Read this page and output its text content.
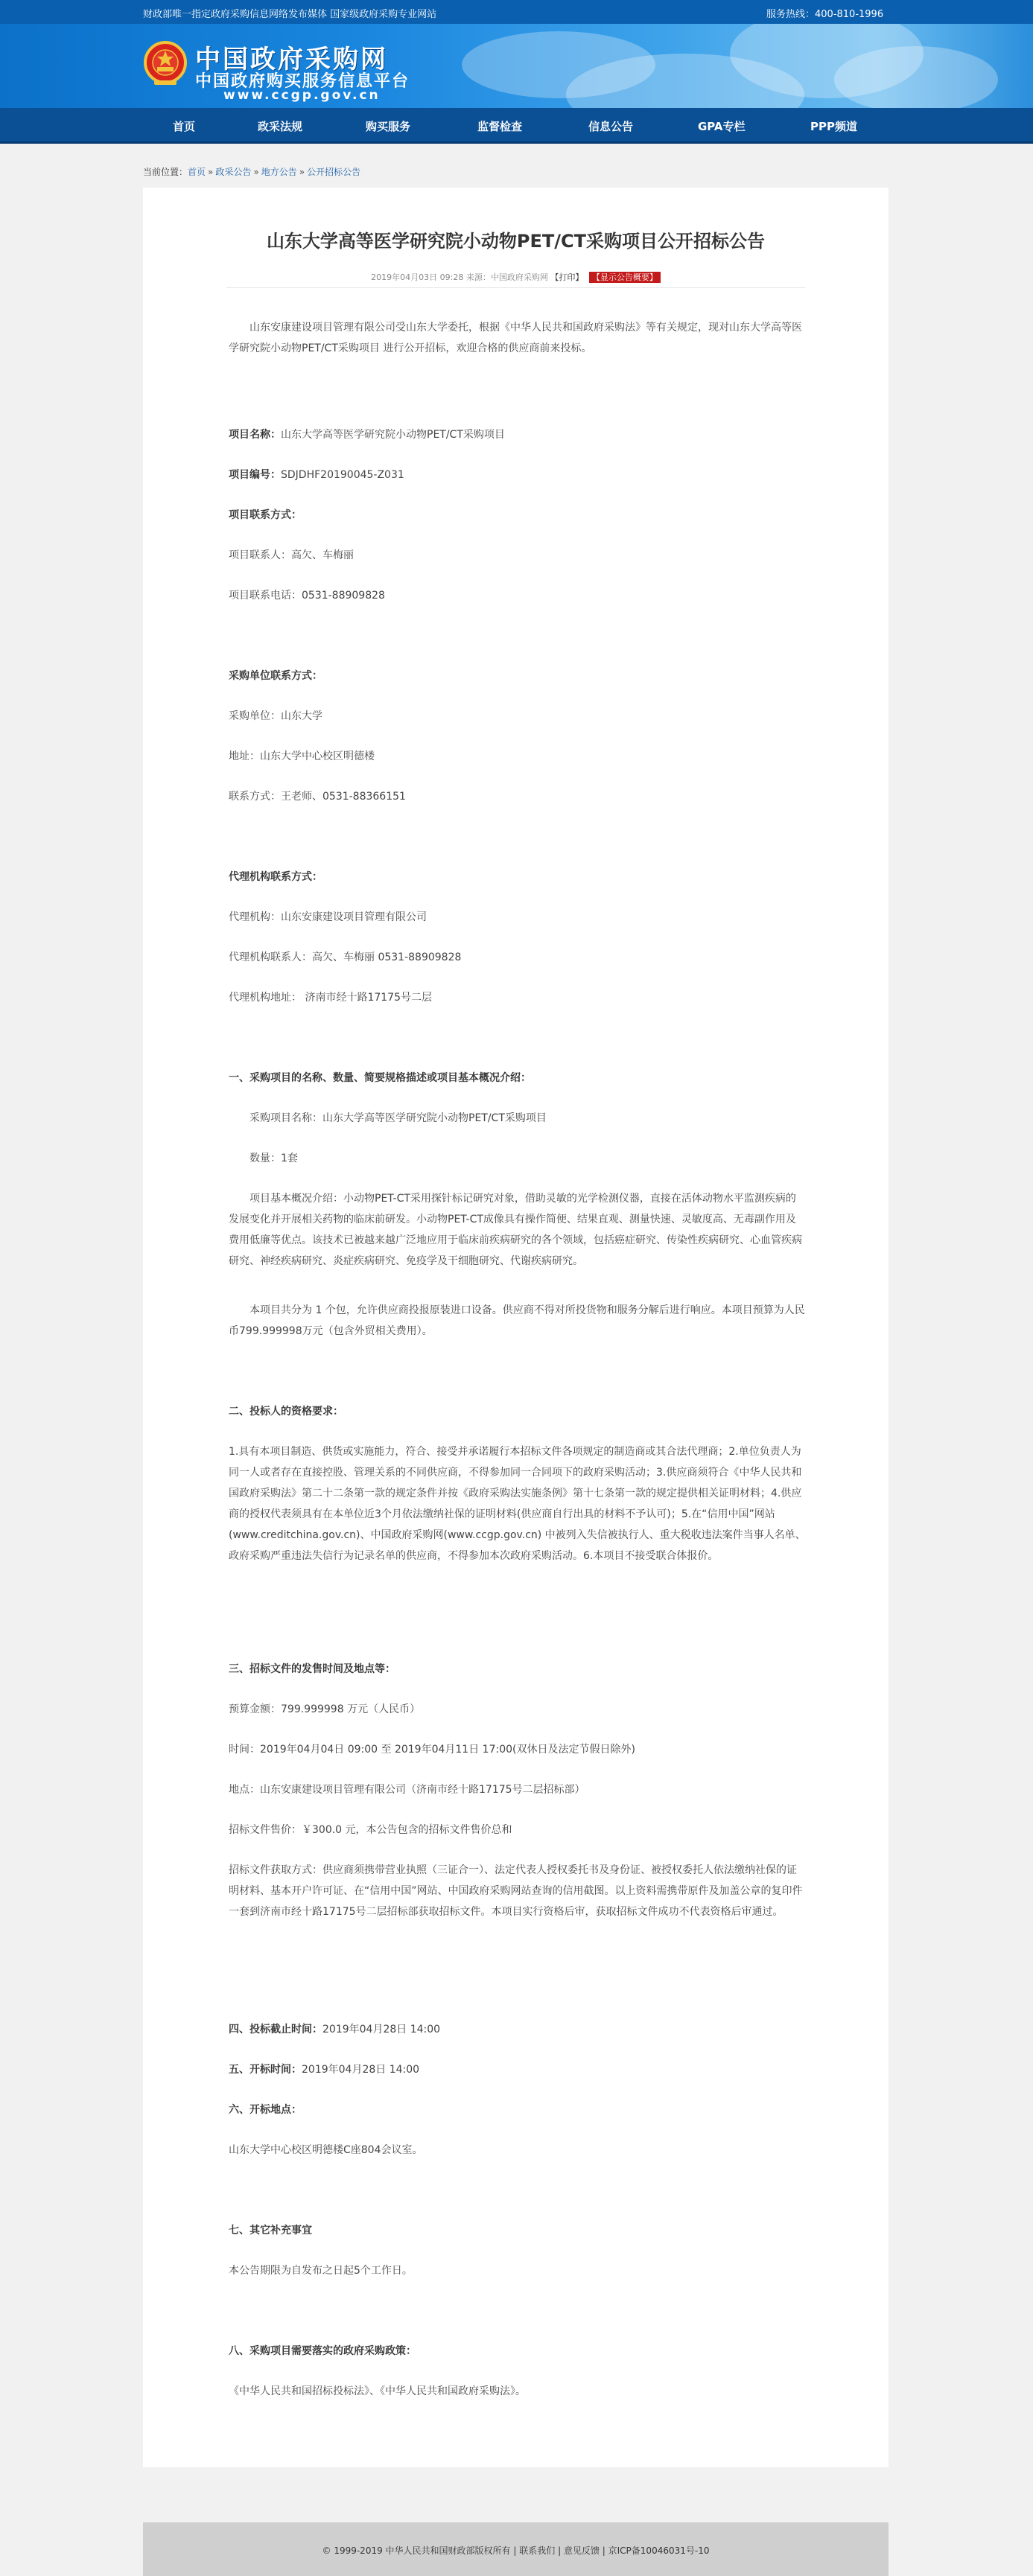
财政部唯一指定政府采购信息网络发布媒体 国家级政府采购专业网站	服务热线：400-810-1996
中国政府采购网
中国政府购买服务信息平台
www.ccgp.gov.cn
首页	政采法规	购买服务	监督检查	信息公告	GPA专栏	PPP频道
当前位置：首页 » 政采公告 » 地方公告 » 公开招标公告
山东大学高等医学研究院小动物PET/CT采购项目公开招标公告
2019年04月03日 09:28 来源：中国政府采购网 【打印】 【显示公告概要】

山东安康建设项目管理有限公司受山东大学委托，根据《中华人民共和国政府采购法》等有关规定，现对山东大学高等医学研究院小动物PET/CT采购项目 进行公开招标，欢迎合格的供应商前来投标。

项目名称：山东大学高等医学研究院小动物PET/CT采购项目

项目编号：SDJDHF20190045-Z031

项目联系方式：

项目联系人：高欠、车梅丽

项目联系电话：0531-88909828

采购单位联系方式：

采购单位：山东大学

地址：山东大学中心校区明德楼

联系方式：王老师、0531-88366151

代理机构联系方式：

代理机构：山东安康建设项目管理有限公司

代理机构联系人：高欠、车梅丽 0531-88909828

代理机构地址： 济南市经十路17175号二层

一、采购项目的名称、数量、简要规格描述或项目基本概况介绍：

采购项目名称：山东大学高等医学研究院小动物PET/CT采购项目

数量：1套

项目基本概况介绍：小动物PET-CT采用探针标记研究对象，借助灵敏的光学检测仪器，直接在活体动物水平监测疾病的发展变化并开展相关药物的临床前研发。小动物PET-CT成像具有操作简便、结果直观、测量快速、灵敏度高、无毒副作用及费用低廉等优点。该技术已被越来越广泛地应用于临床前疾病研究的各个领域，包括癌症研究、传染性疾病研究、心血管疾病研究、神经疾病研究、炎症疾病研究、免疫学及干细胞研究、代谢疾病研究。

本项目共分为 1 个包，允许供应商投报原装进口设备。供应商不得对所投货物和服务分解后进行响应。本项目预算为人民币799.999998万元（包含外贸相关费用）。

二、投标人的资格要求：

1.具有本项目制造、供货或实施能力，符合、接受并承诺履行本招标文件各项规定的制造商或其合法代理商；2.单位负责人为同一人或者存在直接控股、管理关系的不同供应商，不得参加同一合同项下的政府采购活动；3.供应商须符合《中华人民共和国政府采购法》第二十二条第一款的规定条件并按《政府采购法实施条例》第十七条第一款的规定提供相关证明材料；4.供应商的授权代表须具有在本单位近3个月依法缴纳社保的证明材料(供应商自行出具的材料不予认可)；5.在“信用中国”网站(www.creditchina.gov.cn)、中国政府采购网(www.ccgp.gov.cn) 中被列入失信被执行人、重大税收违法案件当事人名单、政府采购严重违法失信行为记录名单的供应商，不得参加本次政府采购活动。6.本项目不接受联合体报价。

三、招标文件的发售时间及地点等：

预算金额：799.999998 万元（人民币）

时间：2019年04月04日 09:00 至 2019年04月11日 17:00(双休日及法定节假日除外)

地点：山东安康建设项目管理有限公司（济南市经十路17175号二层招标部）

招标文件售价：￥300.0 元，本公告包含的招标文件售价总和

招标文件获取方式：供应商须携带营业执照（三证合一）、法定代表人授权委托书及身份证、被授权委托人依法缴纳社保的证明材料、基本开户许可证、在“信用中国”网站、中国政府采购网站查询的信用截图。以上资料需携带原件及加盖公章的复印件一套到济南市经十路17175号二层招标部获取招标文件。本项目实行资格后审，获取招标文件成功不代表资格后审通过。

四、投标截止时间：2019年04月28日 14:00

五、开标时间：2019年04月28日 14:00

六、开标地点：

山东大学中心校区明德楼C座804会议室。

七、其它补充事宜

本公告期限为自发布之日起5个工作日。

八、采购项目需要落实的政府采购政策：

《中华人民共和国招标投标法》、《中华人民共和国政府采购法》。

© 1999-2019 中华人民共和国财政部版权所有 | 联系我们 | 意见反馈 | 京ICP备10046031号-10
